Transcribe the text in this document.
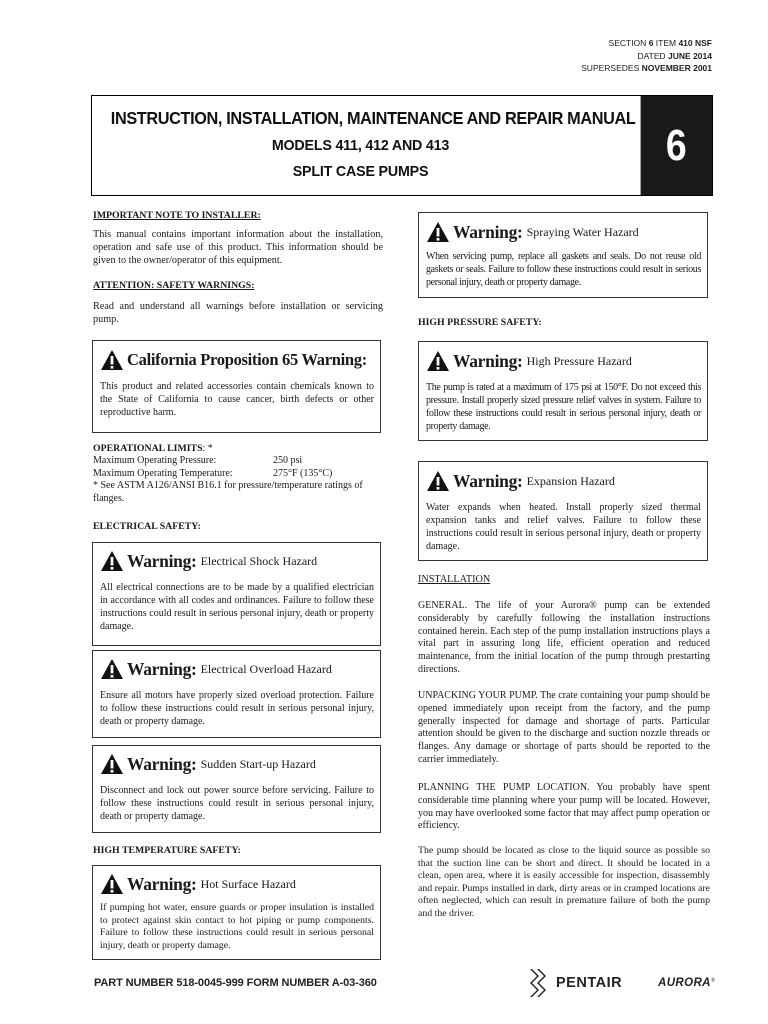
SECTION 6 ITEM 410 NSF
DATED JUNE 2014
SUPERSEDES NOVEMBER 2001
INSTRUCTION, INSTALLATION, MAINTENANCE AND REPAIR MANUAL
MODELS 411, 412 AND 413
SPLIT CASE PUMPS
6
IMPORTANT NOTE TO INSTALLER:
This manual contains important information about the installation, operation and safe use of this product. This information should be given to the owner/operator of this equipment.
ATTENTION: SAFETY WARNINGS:
Read and understand all warnings before installation or servicing pump.
California Proposition 65 Warning:
This product and related accessories contain chemicals known to the State of California to cause cancer, birth defects or other reproductive harm.
OPERATIONAL LIMITS: *
Maximum Operating Pressure:	250 psi
Maximum Operating Temperature:	275°F (135°C)
* See ASTM A126/ANSI B16.1 for pressure/temperature ratings of flanges.
ELECTRICAL SAFETY:
Warning: Electrical Shock Hazard
All electrical connections are to be made by a qualified electrician in accordance with all codes and ordinances. Failure to follow these instructions could result in serious personal injury, death or property damage.
Warning: Electrical Overload Hazard
Ensure all motors have properly sized overload protection. Failure to follow these instructions could result in serious personal injury, death or property damage.
Warning: Sudden Start-up Hazard
Disconnect and lock out power source before servicing. Failure to follow these instructions could result in serious personal injury, death or property damage.
HIGH TEMPERATURE SAFETY:
Warning: Hot Surface Hazard
If pumping hot water, ensure guards or proper insulation is installed to protect against skin contact to hot piping or pump components. Failure to follow these instructions could result in serious personal injury, death or property damage.
Warning: Spraying Water Hazard
When servicing pump, replace all gaskets and seals. Do not reuse old gaskets or seals. Failure to follow these instructions could result in serious personal injury, death or property damage.
HIGH PRESSURE SAFETY:
Warning: High Pressure Hazard
The pump is rated at a maximum of 175 psi at 150°F. Do not exceed this pressure. Install properly sized pressure relief valves in system. Failure to follow these instructions could result in serious personal injury, death or property damage.
Warning: Expansion Hazard
Water expands when heated. Install properly sized thermal expansion tanks and relief valves. Failure to follow these instructions could result in serious personal injury, death or property damage.
INSTALLATION
GENERAL. The life of your Aurora® pump can be extended considerably by carefully following the installation instructions contained herein. Each step of the pump installation instructions plays a vital part in assuring long life, efficient operation and reduced maintenance, from the initial location of the pump through prestarting directions.
UNPACKING YOUR PUMP. The crate containing your pump should be opened immediately upon receipt from the factory, and the pump generally inspected for damage and shortage of parts. Particular attention should be given to the discharge and suction nozzle threads or flanges. Any damage or shortage of parts should be reported to the carrier immediately.
PLANNING THE PUMP LOCATION. You probably have spent considerable time planning where your pump will be located. However, you may have overlooked some factor that may affect pump operation or efficiency.
The pump should be located as close to the liquid source as possible so that the suction line can be short and direct. It should be located in a clean, open area, where it is easily accessible for inspection, disassembly and repair. Pumps installed in dark, dirty areas or in cramped locations are often neglected, which can result in premature failure of both the pump and the driver.
PART NUMBER 518-0045-999 FORM NUMBER A-03-360	PENTAIR	AURORA ®
